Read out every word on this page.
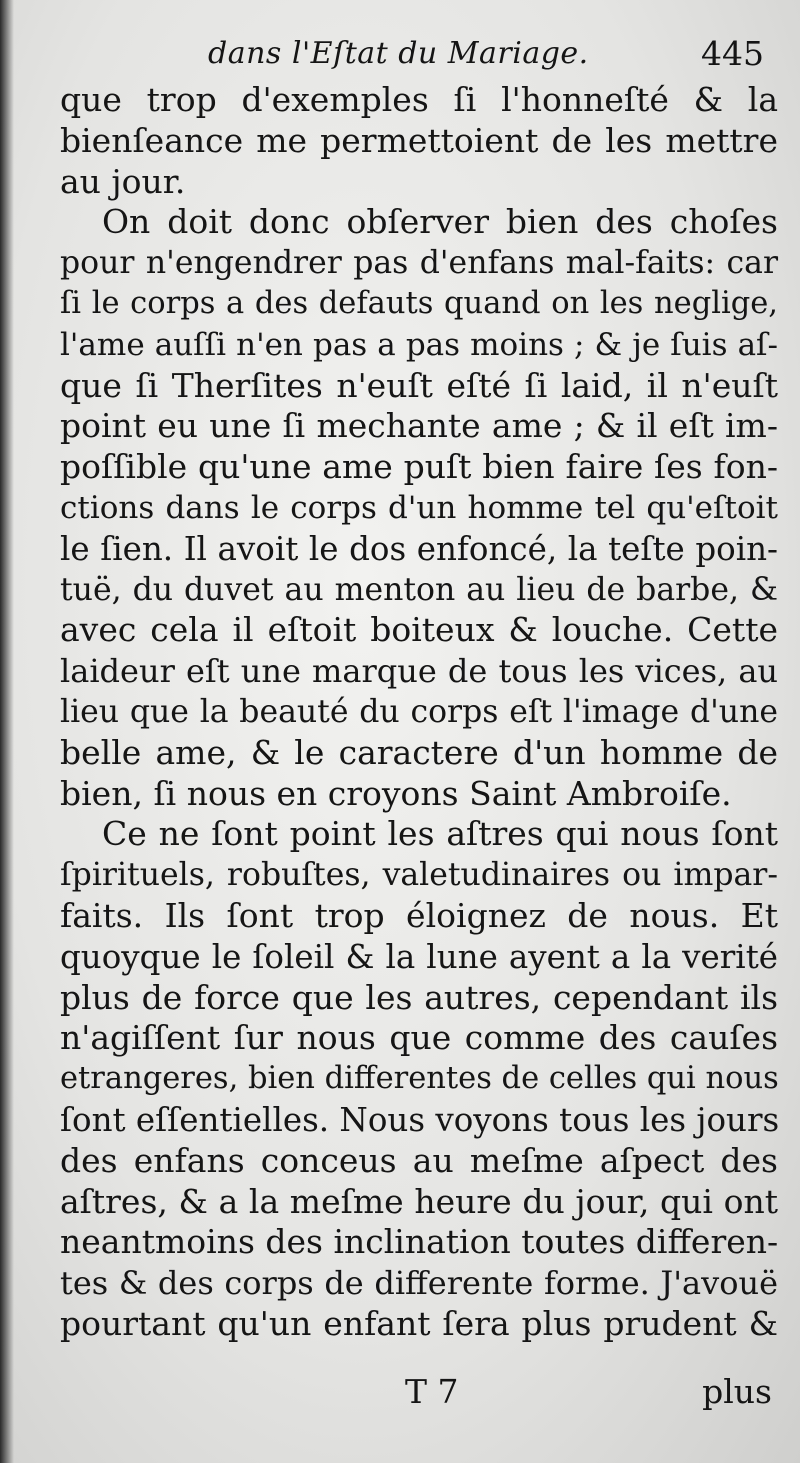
dans l'Eſtat du Mariage.	445
que trop d'exemples ſi l'honneſté & la
bienſeance me permettoient de les mettre
au jour.
On doit donc obſerver bien des choſes
pour n'engendrer pas d'enfans mal-faits: car
ſi le corps a des defauts quand on les neglige,
l'ame auſſi n'en pas a pas moins ; & je ſuis aſ-
que ſi Therſites n'euſt eſté ſi laid, il n'euſt
point eu une ſi mechante ame ; & il eſt im-
poſſible qu'une ame puſt bien faire ſes fon-
ctions dans le corps d'un homme tel qu'eſtoit
le ſien. Il avoit le dos enfoncé, la teſte poin-
tuë, du duvet au menton au lieu de barbe, &
avec cela il eſtoit boiteux & louche. Cette
laideur eſt une marque de tous les vices, au
lieu que la beauté du corps eſt l'image d'une
belle ame, & le caractere d'un homme de
bien, ſi nous en croyons Saint Ambroiſe.
Ce ne ſont point les aſtres qui nous ſont
ſpirituels, robuſtes, valetudinaires ou impar-
faits. Ils ſont trop éloignez de nous. Et
quoyque le ſoleil & la lune ayent a la verité
plus de force que les autres, cependant ils
n'agiſſent ſur nous que comme des cauſes
etrangeres, bien differentes de celles qui nous
ſont eſſentielles. Nous voyons tous les jours
des enfans conceus au meſme aſpect des
aſtres, & a la meſme heure du jour, qui ont
neantmoins des inclination toutes differen-
tes & des corps de differente forme. J'avouë
pourtant qu'un enfant ſera plus prudent &
T 7	plus
